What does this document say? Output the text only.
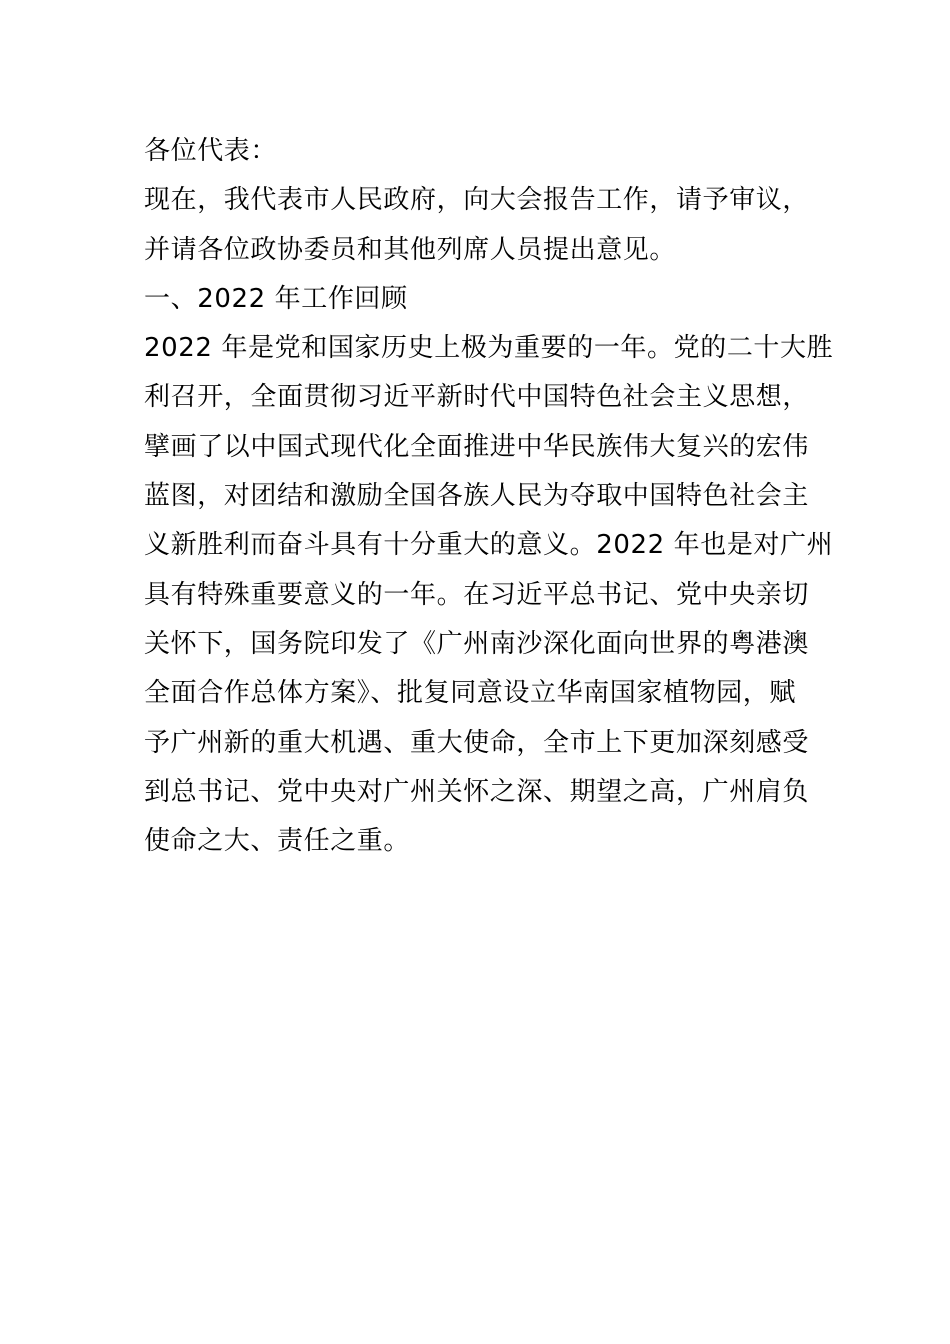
各位代表：
现在，我代表市人民政府，向大会报告工作，请予审议，
并请各位政协委员和其他列席人员提出意见。
一、2022 年工作回顾
2022 年是党和国家历史上极为重要的一年。党的二十大胜
利召开，全面贯彻习近平新时代中国特色社会主义思想，
擘画了以中国式现代化全面推进中华民族伟大复兴的宏伟
蓝图，对团结和激励全国各族人民为夺取中国特色社会主
义新胜利而奋斗具有十分重大的意义。2022 年也是对广州
具有特殊重要意义的一年。在习近平总书记、党中央亲切
关怀下，国务院印发了《广州南沙深化面向世界的粤港澳
全面合作总体方案》、批复同意设立华南国家植物园，赋
予广州新的重大机遇、重大使命，全市上下更加深刻感受
到总书记、党中央对广州关怀之深、期望之高，广州肩负
使命之大、责任之重。
